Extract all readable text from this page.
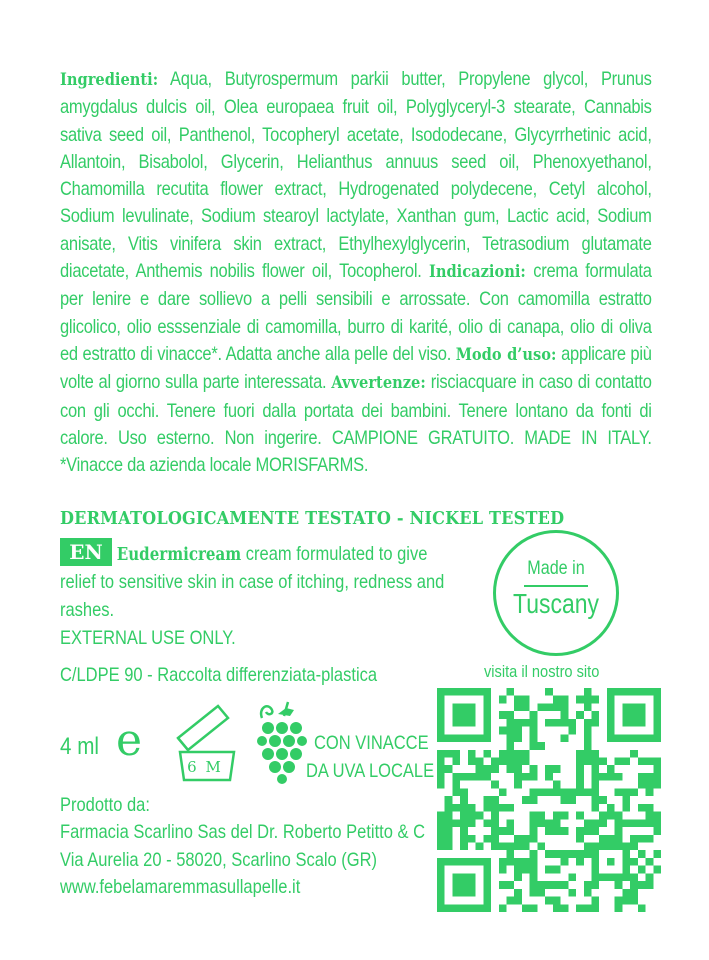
Ingredienti: Aqua, Butyrospermum parkii butter, Propylene glycol, Prunus amygdalus dulcis oil, Olea europaea fruit oil, Polyglyceryl-3 stearate, Cannabis sativa seed oil, Panthenol, Tocopheryl acetate, Isododecane, Glycyrrhetinic acid, Allantoin, Bisabolol, Glycerin, Helianthus annuus seed oil, Phenoxyethanol, Chamomilla recutita flower extract, Hydrogenated polydecene, Cetyl alcohol, Sodium levulinate, Sodium stearoyl lactylate, Xanthan gum, Lactic acid, Sodium anisate, Vitis vinifera skin extract, Ethylhexylglycerin, Tetrasodium glutamate diacetate, Anthemis nobilis flower oil, Tocopherol. Indicazioni: crema formulata per lenire e dare sollievo a pelli sensibili e arrossate. Con camomilla estratto glicolico, olio esssenziale di camomilla, burro di karité, olio di canapa, olio di oliva ed estratto di vinacce*. Adatta anche alla pelle del viso. Modo d’uso: applicare più volte al giorno sulla parte interessata. Avvertenze: risciacquare in caso di contatto con gli occhi. Tenere fuori dalla portata dei bambini. Tenere lontano da fonti di calore. Uso esterno. Non ingerire. CAMPIONE GRATUITO. MADE IN ITALY. *Vinacce da azienda locale MORISFARMS.
DERMATOLOGICAMENTE TESTATO - NICKEL TESTED
EN Eudermicream cream formulated to give
relief to sensitive skin in case of itching, redness and rashes.
EXTERNAL USE ONLY.
Made in
Tuscany
C/LDPE 90 - Raccolta differenziata-plastica	visita il nostro sito
4 ml e
6 M
CON VINACCE
DA UVA LOCALE
Prodotto da:
Farmacia Scarlino Sas del Dr. Roberto Petitto & C
Via Aurelia 20 - 58020, Scarlino Scalo (GR)
www.febelamaremmasullapelle.it
